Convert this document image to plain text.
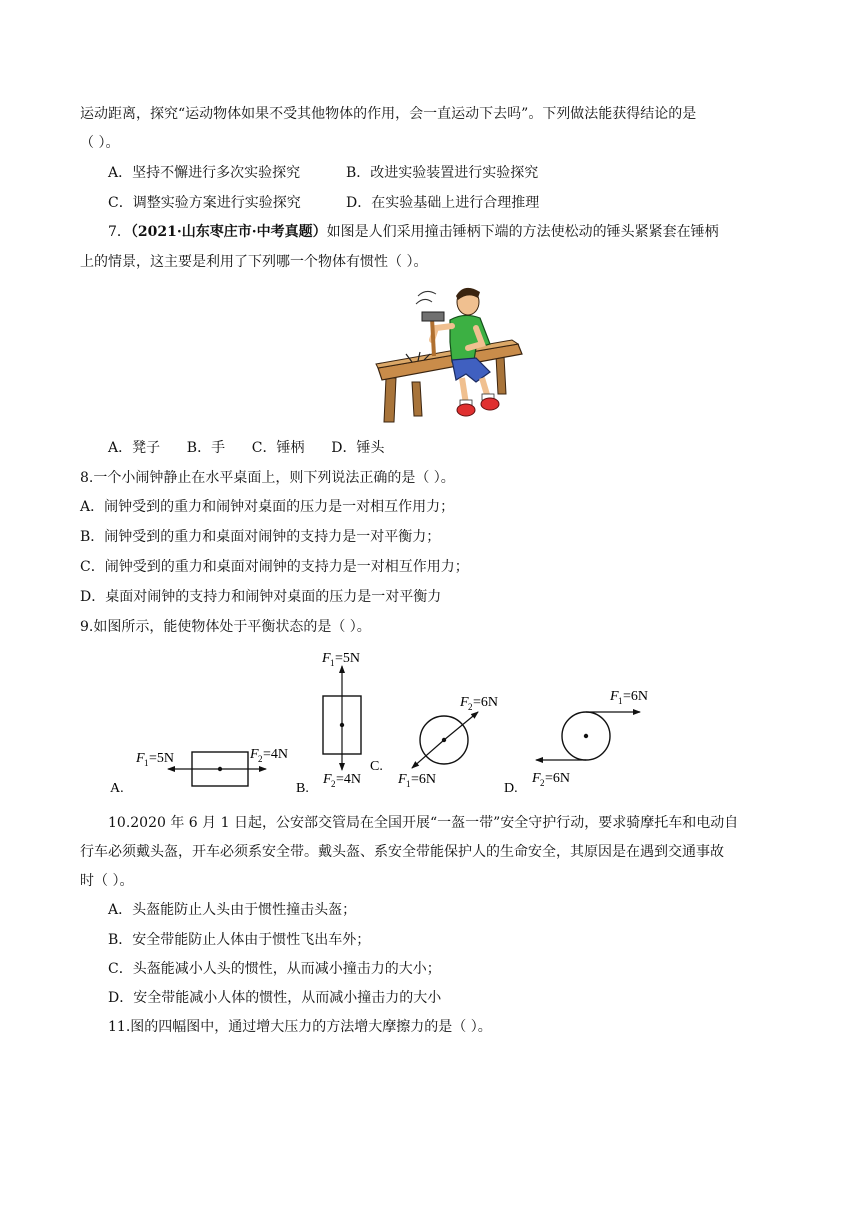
运动距离，探究“运动物体如果不受其他物体的作用，会一直运动下去吗”。下列做法能获得结论的是
（ ）。
A．坚持不懈进行多次实验探究	B．改进实验装置进行实验探究
C．调整实验方案进行实验探究	D．在实验基础上进行合理推理
7．（2021·山东枣庄市·中考真题）如图是人们采用撞击锤柄下端的方法使松动的锤头紧紧套在锤柄
上的情景，这主要是利用了下列哪一个物体有惯性（ ）。
A．凳子      B．手      C．锤柄      D．锤头
8.一个小闹钟静止在水平桌面上，则下列说法正确的是（ ）。
A．闹钟受到的重力和闹钟对桌面的压力是一对相互作用力；
B．闹钟受到的重力和桌面对闹钟的支持力是一对平衡力；
C．闹钟受到的重力和桌面对闹钟的支持力是一对相互作用力；
D．桌面对闹钟的支持力和闹钟对桌面的压力是一对平衡力
9.如图所示，能使物体处于平衡状态的是（ ）。
F 1 =5N	F 2 =4N
A.
F 1 =5N
F 2 =4N
B.
F 2 =6N
F 1 =6N
C.
F 1 =6N
F 2 =6N
D.
10.2020 年 6 月 1 日起，公安部交管局在全国开展“一盔一带”安全守护行动，要求骑摩托车和电动自
行车必须戴头盔，开车必须系安全带。戴头盔、系安全带能保护人的生命安全，其原因是在遇到交通事故
时（ ）。
A．头盔能防止人头由于惯性撞击头盔；
B．安全带能防止人体由于惯性飞出车外；
C．头盔能减小人头的惯性，从而减小撞击力的大小；
D．安全带能减小人体的惯性，从而减小撞击力的大小
11.图的四幅图中，通过增大压力的方法增大摩擦力的是（ ）。
